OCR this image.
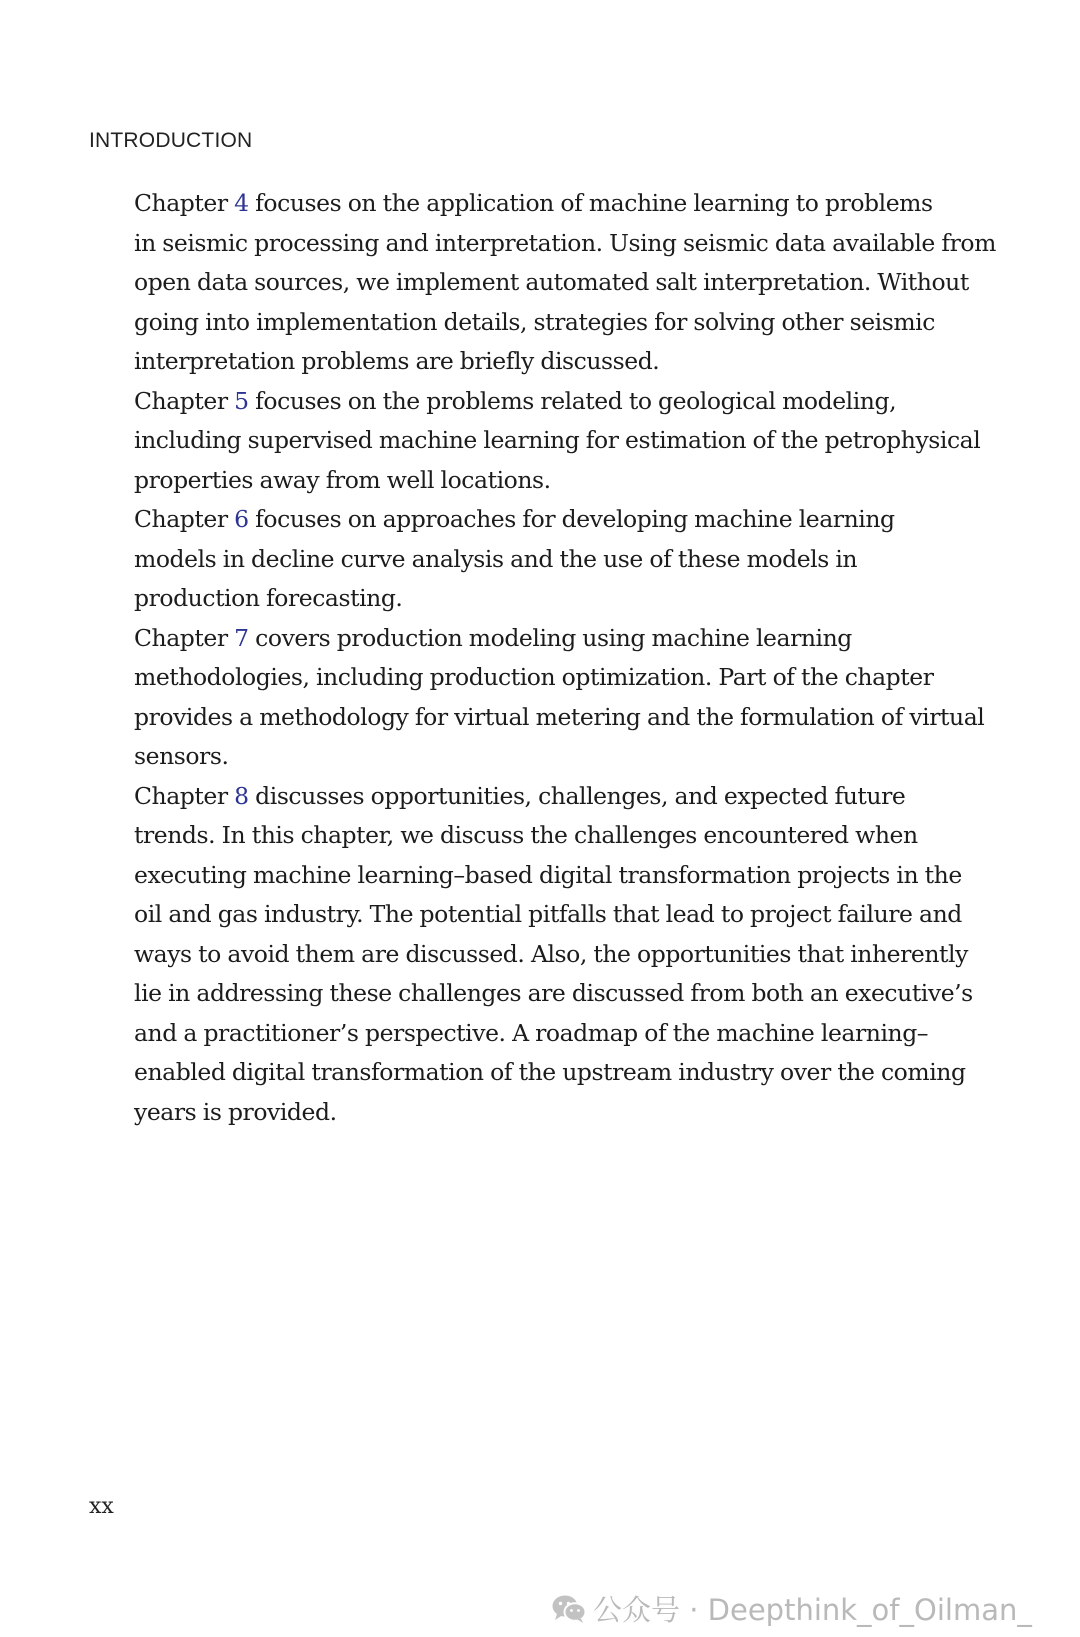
INTRODUCTION

Chapter 4 focuses on the application of machine learning to problems
in seismic processing and interpretation. Using seismic data available from
open data sources, we implement automated salt interpretation. Without
going into implementation details, strategies for solving other seismic
interpretation problems are briefly discussed.

Chapter 5 focuses on the problems related to geological modeling,
including supervised machine learning for estimation of the petrophysical
properties away from well locations.

Chapter 6 focuses on approaches for developing machine learning
models in decline curve analysis and the use of these models in
production forecasting.

Chapter 7 covers production modeling using machine learning
methodologies, including production optimization. Part of the chapter
provides a methodology for virtual metering and the formulation of virtual
sensors.

Chapter 8 discusses opportunities, challenges, and expected future
trends. In this chapter, we discuss the challenges encountered when
executing machine learning–based digital transformation projects in the
oil and gas industry. The potential pitfalls that lead to project failure and
ways to avoid them are discussed. Also, the opportunities that inherently
lie in addressing these challenges are discussed from both an executive’s
and a practitioner’s perspective. A roadmap of the machine learning–
enabled digital transformation of the upstream industry over the coming
years is provided.

xx
公众号 · Deepthink_of_Oilman_
